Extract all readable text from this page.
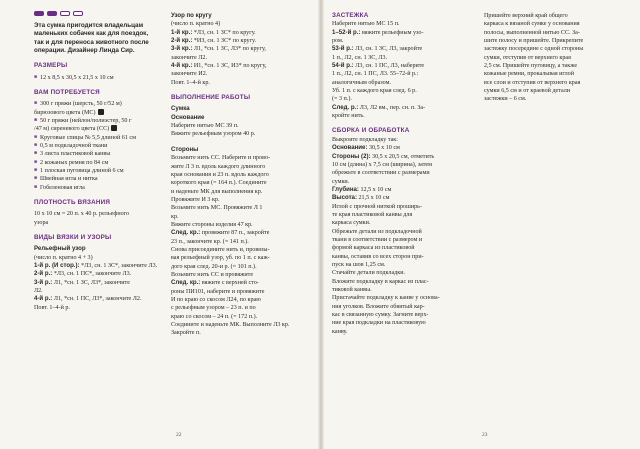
Эта сумка пригодится владельцам

маленьких собачек как для поездок,

так и для переноса животного после

операции. Дизайнер Линда Сир.

РАЗМЕРЫ

■ 12 х 8,5 х 30,5 х 21,5 х 10 см

ВАМ ПОТРЕБУЕТСЯ

■ 300 г пряжи (шерсть, 50 г/52 м)

бирюзового цвета (МС)

■ 50 г пряжи (нейлон/полиэстер, 50 г

/47 м) сиреневого цвета (СС)

■ Круговые спицы № 5,5 длиной 61 см

■ 0,5 м подкладочной ткани

■ 3 листа пластиковой канвы

■ 2 кожаных ремня по 84 см

■ 1 плоская пуговица длиной 6 см

■ Швейная игла и нитка

■ Гобеленовая игла

ПЛОТНОСТЬ ВЯЗАНИЯ

10 х 10 см = 20 п. х 40 р. рельефного

узора

ВИДЫ ВЯЗКИ И УЗОРЫ

Рельефный узор

(число п. кратно 4 + 3)

1-й р. (И стор.): *Л3, сн. 1 ЗС*, закончите Л3.

2-й р.: *Л3, сн. 1 ПС*, закончите Л3.

3-й р.: Л1, *сн. 1 ЗС, Л3*, закончите

Л2.

4-й р.: Л1, *сн. 1 ПС, Л3*, закончите Л2.

Повт. 1–4-й р.

Узор по кругу

(число п. кратно 4)

1-й кр.: *Л3, сн. 1 ЗС* по кругу.

2-й кр.: *ИЗ, сн. 1 ЗС* по кругу.

3-й кр.: Л1, *сн. 1 ЗС, Л3* по кругу,

закончите Л2.

4-й кр.: И1, *сн. 1 ЗС, И3* по кругу,

закончите И2.

Повт. 1–4-й кр.

ВЫПОЛНЕНИЕ РАБОТЫ

Сумка

Основание

Наберите нитью МС 39 п.

Вяжите рельефным узором 40 р.

Стороны

Возьмите нить СС. Наберите и прово-

жите Л 3 п. вдоль каждого длинного

края основания и 23 п. вдоль каждого

короткого края (= 164 п.). Соедините

и наденьте МК для выполнения кр.

Провяжите И 3 кр.

Возьмите нить МС. Провяжите Л 1

кр.

Вяжите стороны изделия 47 кр.

След. кр.: провяжите 87 п., закройте

23 п., закончите кр. (= 141 п.).

Снова присоедините нить и, провязы-

вая рельефный узор, уб. по 1 п. с каж-

дого края след. 20-и р. (= 101 п.).

Возьмите нить СС и провяжите

След. кр.: вяжите с верхней сто-

роны ПИ101, наберите и провяжите

И по краю со скосом Л24, по краю

с рельефным узором – 23 п. и по

краю со скосом – 24 п. (= 172 п.).

Соедините и наденьте МК. Выполните Л3 кр.

Закройте п.

22

ЗАСТЕЖКА

Наберите нитью МС 15 п.

1–52-й р.: вяжите рельефным узо-

ром.

53-й р.: Л3, сн. 1 ЗС, Л3, закройте

1 п., Л2, сн. 1 ЗС, Л3.

54-й р.: Л3, сн. 1 ПС, Л3, наберите

1 п., Л2, сн. 1 ПС, Л3. 55–72-й р.:

аналогичным образом.

Уб. 1 п. с каждого края след. 6 р.

(= 3 п.).

След. р.: Л3, Л2 вм., пер. сн. п. За-

кройте нить.

СБОРКА И ОБРАБОТКА

Выкроите подкладку так:

Основание: 30,5 х 10 см

Стороны (2): 30,5 х 20,5 см, отметить

10 см (длина) х 7,5 см (ширина), затем

обрежьте в соответствии с размерами

сумки.

Глубина: 12,5 х 10 см

Высота: 21,5 х 10 см

Иглой с прочной ниткой проширь-

те края пластиковой канвы для

каркаса сумки.

Обрежьте детали из подкладочной

ткани в соответствии с размером и

формой каркаса из пластиковой

канвы, оставив со всех сторон при-

пуск на шов 1,25 см.

Стачайте детали подкладки.

Вложите подкладку в каркас из плас-

тиковой канвы.

Пристачайте подкладку к канве у основа-

ния уголков. Вложите обвитый кар-

кас в связанную сумку. Загните верх-

ние края подкладки на пластиковую

канву.

Пришейте верхний край общего

каркаса к вязаной сумке у основания

полосы, выполненной нитью СС. За-

шите полосу и пришейте. Прикрепите

застежку посередине с одной стороны

сумки, отступив от верхнего края

2,5 см. Пришейте пуговицу, а также

кожаные ремни, прокалывая иглой

все слои и отступив от верхнего края

сумки 6,5 см и от краевой детали

застежки – 6 см.

23
